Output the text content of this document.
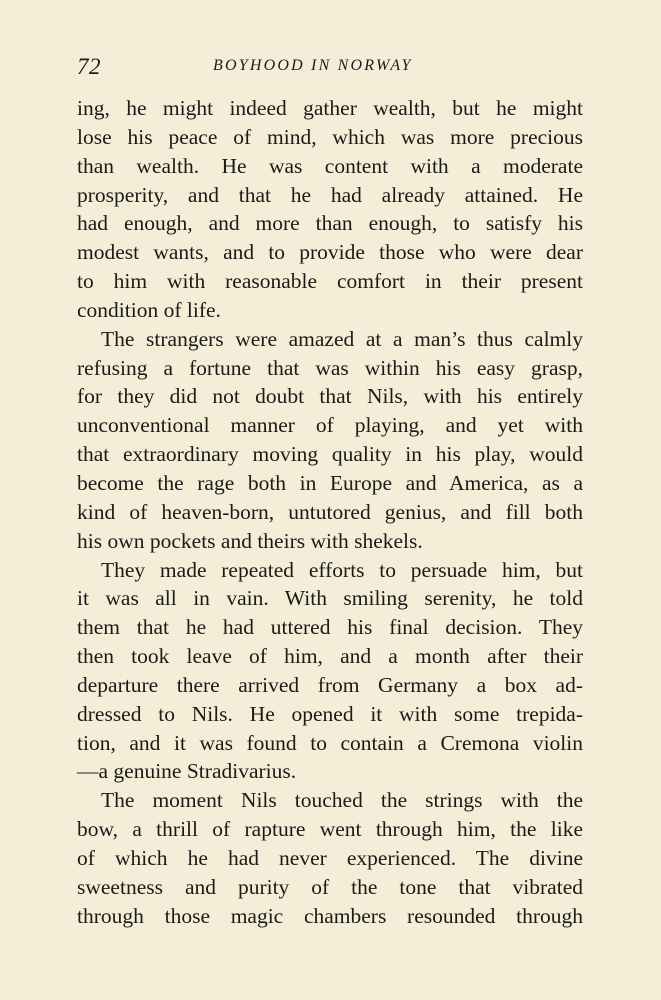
72	BOYHOOD IN NORWAY
ing, he might indeed gather wealth, but he might
lose his peace of mind, which was more precious
than wealth. He was content with a moderate
prosperity, and that he had already attained. He
had enough, and more than enough, to satisfy his
modest wants, and to provide those who were dear
to him with reasonable comfort in their present
condition of life.
The strangers were amazed at a man’s thus calmly
refusing a fortune that was within his easy grasp,
for they did not doubt that Nils, with his entirely
unconventional manner of playing, and yet with
that extraordinary moving quality in his play, would
become the rage both in Europe and America, as a
kind of heaven-born, untutored genius, and fill both
his own pockets and theirs with shekels.
They made repeated efforts to persuade him, but
it was all in vain. With smiling serenity, he told
them that he had uttered his final decision. They
then took leave of him, and a month after their
departure there arrived from Germany a box ad-
dressed to Nils. He opened it with some trepida-
tion, and it was found to contain a Cremona violin
—a genuine Stradivarius.
The moment Nils touched the strings with the
bow, a thrill of rapture went through him, the like
of which he had never experienced. The divine
sweetness and purity of the tone that vibrated
through those magic chambers resounded through
